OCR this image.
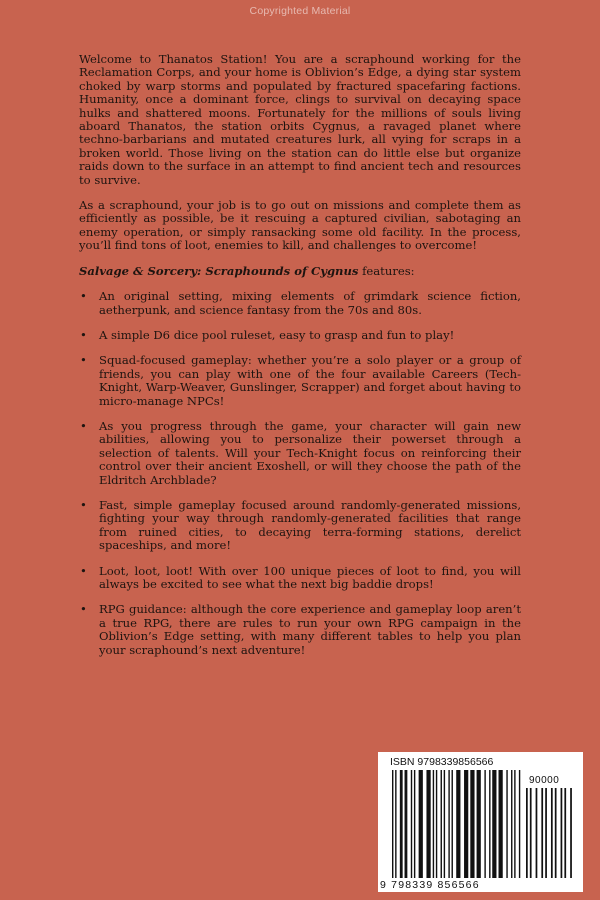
Copyrighted Material

Welcome to Thanatos Station! You are a scraphound working for the Reclamation Corps, and your home is Oblivion’s Edge, a dying star system choked by warp storms and populated by fractured spacefaring factions. Humanity, once a dominant force, clings to survival on decaying space hulks and shattered moons. Fortunately for the millions of souls living aboard Thanatos, the station orbits Cygnus, a ravaged planet where techno-barbarians and mutated creatures lurk, all vying for scraps in a broken world. Those living on the station can do little else but organize raids down to the surface in an attempt to find ancient tech and resources to survive.

As a scraphound, your job is to go out on missions and complete them as efficiently as possible, be it rescuing a captured civilian, sabotaging an enemy operation, or simply ransacking some old facility. In the process, you’ll find tons of loot, enemies to kill, and challenges to overcome!

Salvage & Sorcery: Scraphounds of Cygnus features:

• An original setting, mixing elements of grimdark science fiction, aetherpunk, and science fantasy from the 70s and 80s.
• A simple D6 dice pool ruleset, easy to grasp and fun to play!
• Squad-focused gameplay: whether you’re a solo player or a group of friends, you can play with one of the four available Careers (Tech-Knight, Warp-Weaver, Gunslinger, Scrapper) and forget about having to micro-manage NPCs!
• As you progress through the game, your character will gain new abilities, allowing you to personalize their powerset through a selection of talents. Will your Tech-Knight focus on reinforcing their control over their ancient Exoshell, or will they choose the path of the Eldritch Archblade?
• Fast, simple gameplay focused around randomly-generated missions, fighting your way through randomly-generated facilities that range from ruined cities, to decaying terra-forming stations, derelict spaceships, and more!
• Loot, loot, loot! With over 100 unique pieces of loot to find, you will always be excited to see what the next big baddie drops!
• RPG guidance: although the core experience and gameplay loop aren’t a true RPG, there are rules to run your own RPG campaign in the Oblivion’s Edge setting, with many different tables to help you plan your scraphound’s next adventure!
ISBN 9798339856566
90000
9 798339 856566
